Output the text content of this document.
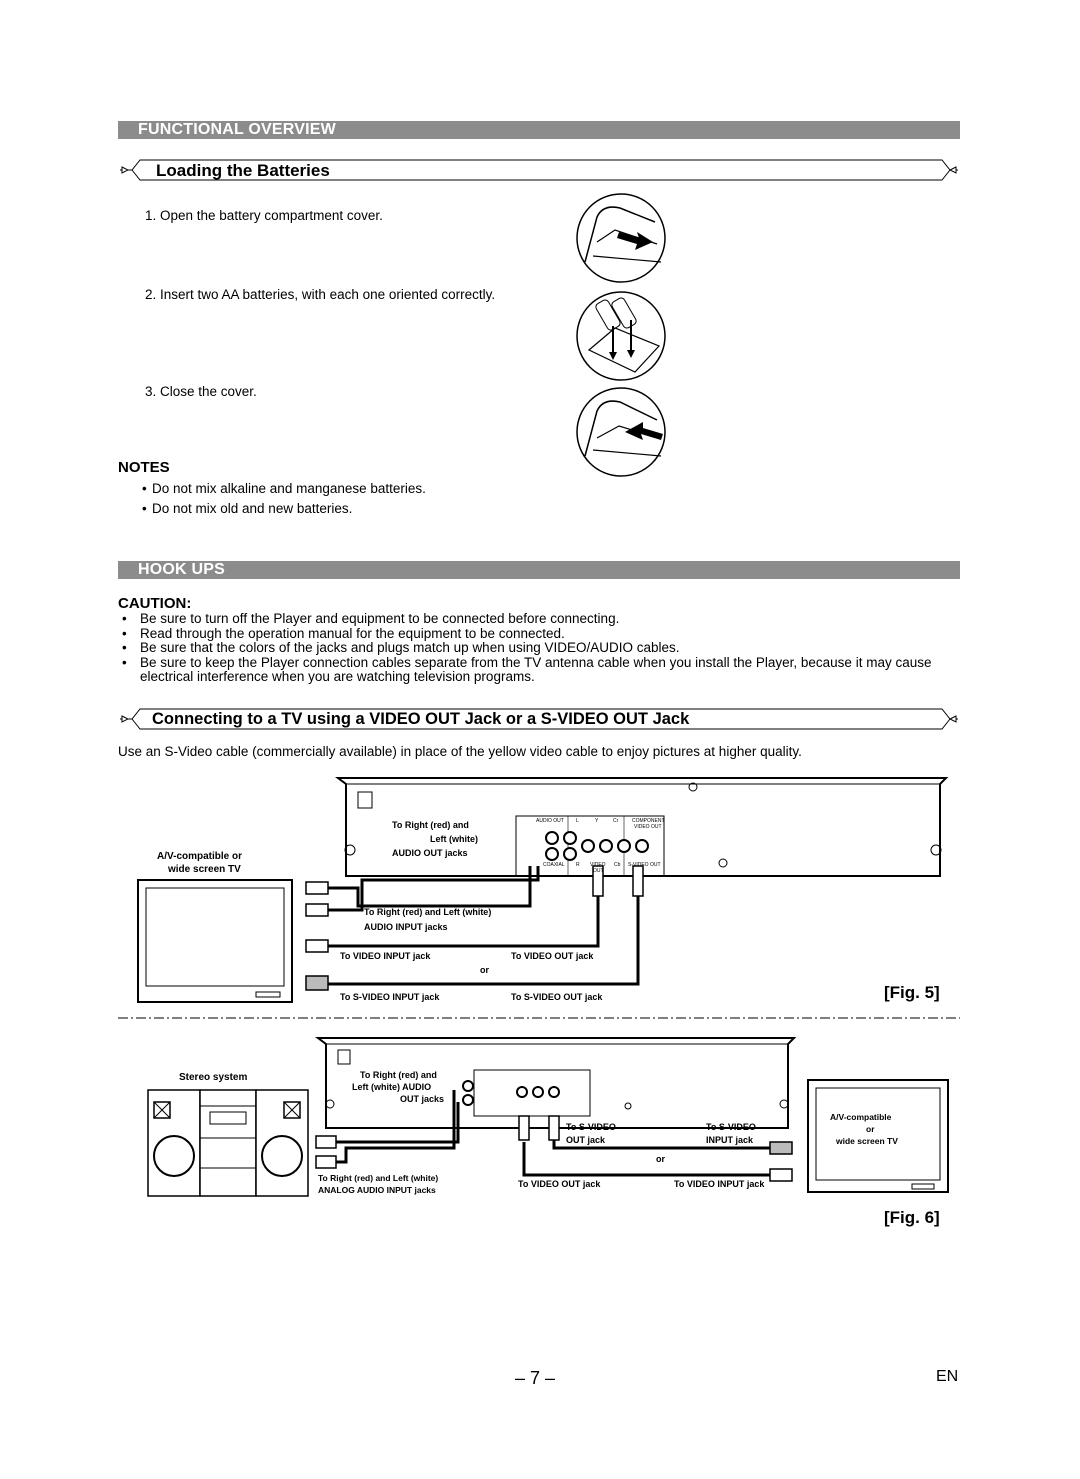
FUNCTIONAL OVERVIEW
Loading the Batteries
1. Open the battery compartment cover.
2. Insert two AA batteries, with each one oriented correctly.
3. Close the cover.
NOTES
• Do not mix alkaline and manganese batteries.
• Do not mix old and new batteries.
HOOK UPS
CAUTION:
• Be sure to turn off the Player and equipment to be connected before connecting.
• Read through the operation manual for the equipment to be connected.
• Be sure that the colors of the jacks and plugs match up when using VIDEO/AUDIO cables.
• Be sure to keep the Player connection cables separate from the TV antenna cable when you install the Player, because it may cause electrical interference when you are watching television programs.
Connecting to a TV using a VIDEO OUT Jack or a S-VIDEO OUT Jack
Use an S-Video cable (commercially available) in place of the yellow video cable to enjoy pictures at higher quality.
A/V-compatible or
wide screen TV
To Right (red) and
Left (white)
AUDIO OUT jacks
AUDIO OUT L	Y	Cr	COMPONENT
VIDEO OUT
COAXIAL R VIDEO
OUT
Cb S-VIDEO OUT
To Right (red) and Left (white)
AUDIO INPUT jacks
To VIDEO INPUT jack	To VIDEO OUT jack
or
To S-VIDEO INPUT jack	To S-VIDEO OUT jack	[Fig. 5]
Stereo system	To Right (red) and
Left (white) AUDIO
OUT jacks
To S-VIDEO
OUT jack
To S-VIDEO
INPUT jack
or
A/V-compatible
or
wide screen TV
To Right (red) and Left (white)
ANALOG AUDIO INPUT jacks
To VIDEO OUT jack	To VIDEO INPUT jack
[Fig. 6]
– 7 –	EN
